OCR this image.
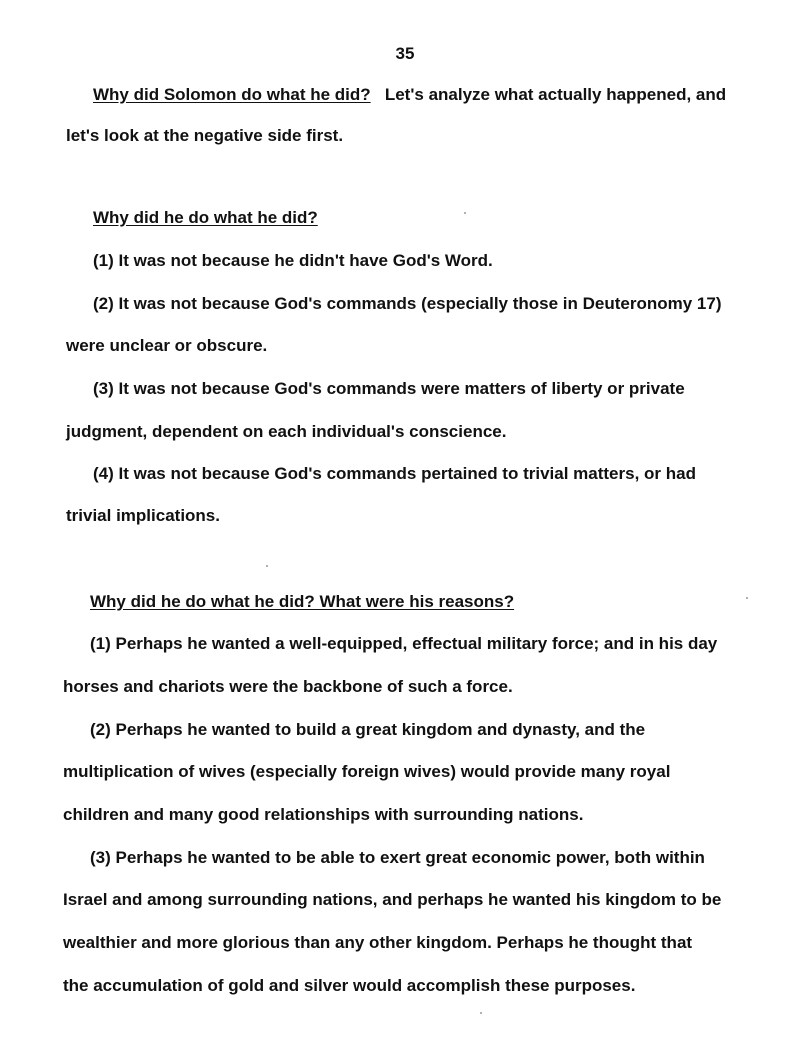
35
Why did Solomon do what he did? Let's analyze what actually happened, and
let's look at the negative side first.
Why did he do what he did?
(1) It was not because he didn't have God's Word.
(2) It was not because God's commands (especially those in Deuteronomy 17)
were unclear or obscure.
(3) It was not because God's commands were matters of liberty or private
judgment, dependent on each individual's conscience.
(4) It was not because God's commands pertained to trivial matters, or had
trivial implications.
Why did he do what he did? What were his reasons?
(1) Perhaps he wanted a well-equipped, effectual military force; and in his day
horses and chariots were the backbone of such a force.
(2) Perhaps he wanted to build a great kingdom and dynasty, and the
multiplication of wives (especially foreign wives) would provide many royal
children and many good relationships with surrounding nations.
(3) Perhaps he wanted to be able to exert great economic power, both within
Israel and among surrounding nations, and perhaps he wanted his kingdom to be
wealthier and more glorious than any other kingdom. Perhaps he thought that
the accumulation of gold and silver would accomplish these purposes.
